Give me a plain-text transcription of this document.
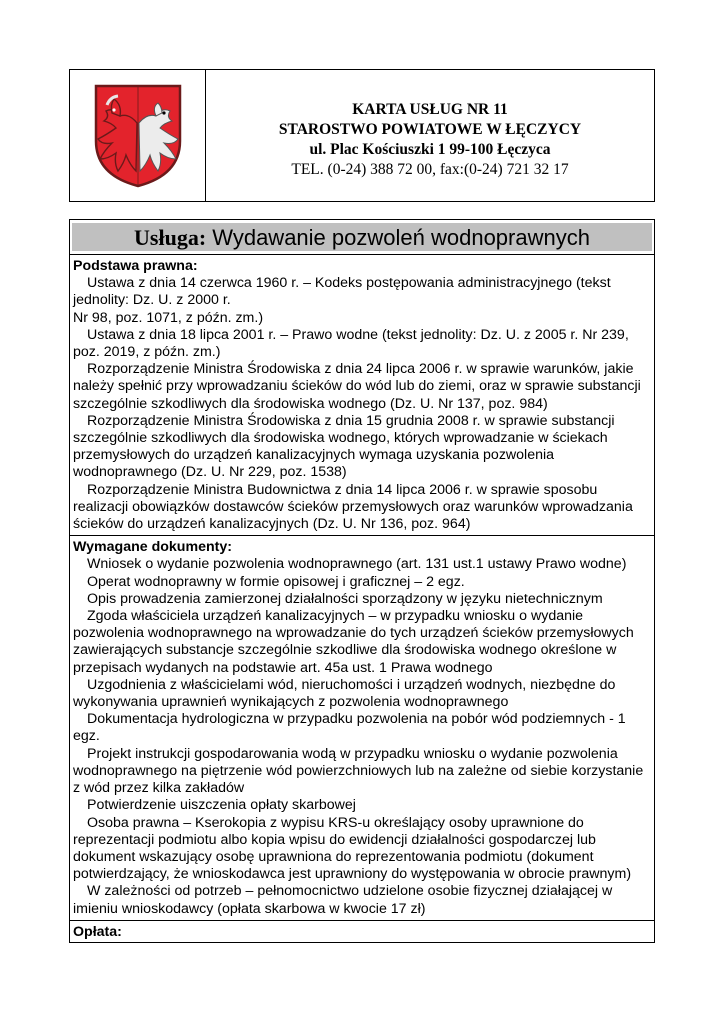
KARTA USŁUG NR 11
STAROSTWO POWIATOWE W ŁĘCZYCY
ul. Plac Kościuszki 1 99-100 Łęczyca
TEL. (0-24) 388 72 00, fax:(0-24) 721 32 17
Usługa: Wydawanie pozwoleń wodnoprawnych
Podstawa prawna:
Ustawa z dnia 14 czerwca 1960 r. – Kodeks postępowania administracyjnego (tekst jednolity: Dz. U. z 2000 r.
Nr 98, poz. 1071, z późn. zm.)
Ustawa z dnia 18 lipca 2001 r. – Prawo wodne (tekst jednolity: Dz. U. z 2005 r. Nr 239, poz. 2019, z późn. zm.)
Rozporządzenie Ministra Środowiska z dnia 24 lipca 2006 r. w sprawie warunków, jakie należy spełnić przy wprowadzaniu ścieków do wód lub do ziemi, oraz w sprawie substancji szczególnie szkodliwych dla środowiska wodnego (Dz. U. Nr 137, poz. 984)
Rozporządzenie Ministra Środowiska z dnia 15 grudnia 2008 r. w sprawie substancji szczególnie szkodliwych dla środowiska wodnego, których wprowadzanie w ściekach przemysłowych do urządzeń kanalizacyjnych wymaga uzyskania pozwolenia wodnoprawnego (Dz. U. Nr 229, poz. 1538)
Rozporządzenie Ministra Budownictwa z dnia 14 lipca 2006 r. w sprawie sposobu realizacji obowiązków dostawców ścieków przemysłowych oraz warunków wprowadzania ścieków do urządzeń kanalizacyjnych (Dz. U. Nr 136, poz. 964)
Wymagane dokumenty:
Wniosek o wydanie pozwolenia wodnoprawnego (art. 131 ust.1 ustawy Prawo wodne)
Operat wodnoprawny w formie opisowej i graficznej – 2 egz.
Opis prowadzenia zamierzonej działalności sporządzony w języku nietechnicznym
Zgoda właściciela urządzeń kanalizacyjnych – w przypadku wniosku o wydanie pozwolenia wodnoprawnego na wprowadzanie do tych urządzeń ścieków przemysłowych zawierających substancje szczególnie szkodliwe dla środowiska wodnego określone w przepisach wydanych na podstawie art. 45a ust. 1 Prawa wodnego
Uzgodnienia z właścicielami wód, nieruchomości i urządzeń wodnych, niezbędne do wykonywania uprawnień wynikających z pozwolenia wodnoprawnego
Dokumentacja hydrologiczna w przypadku pozwolenia na pobór wód podziemnych - 1 egz.
Projekt instrukcji gospodarowania wodą w przypadku wniosku o wydanie pozwolenia wodnoprawnego na piętrzenie wód powierzchniowych lub na zależne od siebie korzystanie z wód przez kilka zakładów
Potwierdzenie uiszczenia opłaty skarbowej
Osoba prawna – Kserokopia z wypisu KRS-u określający osoby uprawnione do reprezentacji podmiotu albo kopia wpisu do ewidencji działalności gospodarczej lub dokument wskazujący osobę uprawniona do reprezentowania podmiotu (dokument potwierdzający, że wnioskodawca jest uprawniony do występowania w obrocie prawnym)
W zależności od potrzeb – pełnomocnictwo udzielone osobie fizycznej działającej w imieniu wnioskodawcy (opłata skarbowa w kwocie 17 zł)
Opłata:
